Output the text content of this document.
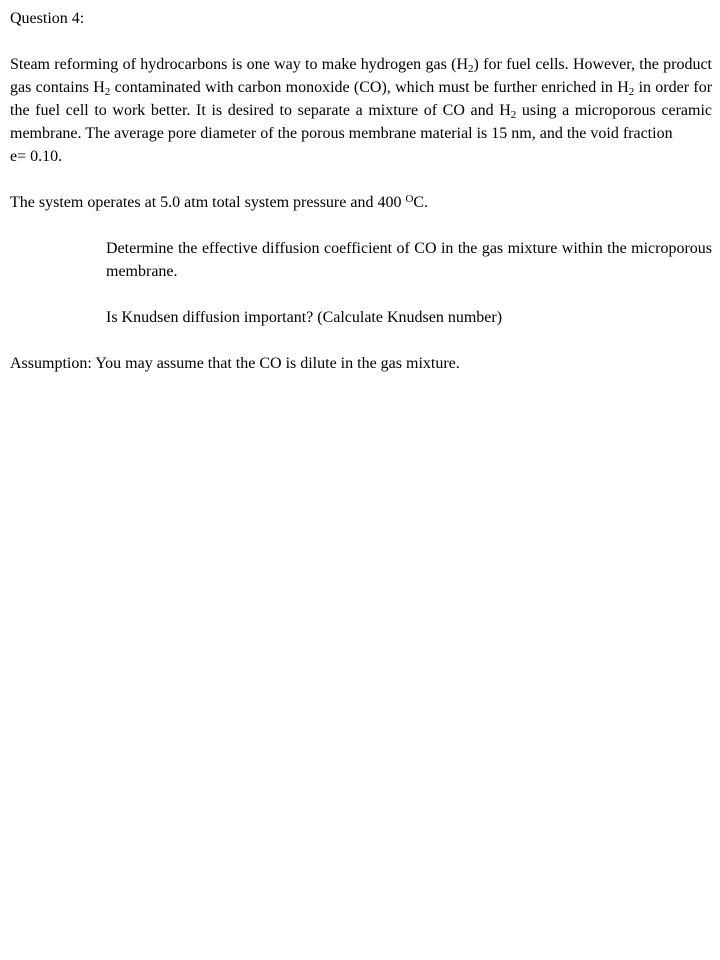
Question 4:

Steam reforming of hydrocarbons is one way to make hydrogen gas $(H_2)$ for fuel cells. However, the product gas contains $H_2$ contaminated with carbon monoxide (CO), which must be further enriched in $H_2$ in order for the fuel cell to work better. It is desired to separate a mixture of CO and $H_2$ using a microporous ceramic membrane. The average pore diameter of the porous membrane material is 15 nm, and the void fraction

e= 0.10.

The system operates at 5.0 atm total system pressure and 400 $^O$C.

Determine the effective diffusion coefficient of CO in the gas mixture within the microporous membrane.

Is Knudsen diffusion important? (Calculate Knudsen number)

Assumption: You may assume that the CO is dilute in the gas mixture.
